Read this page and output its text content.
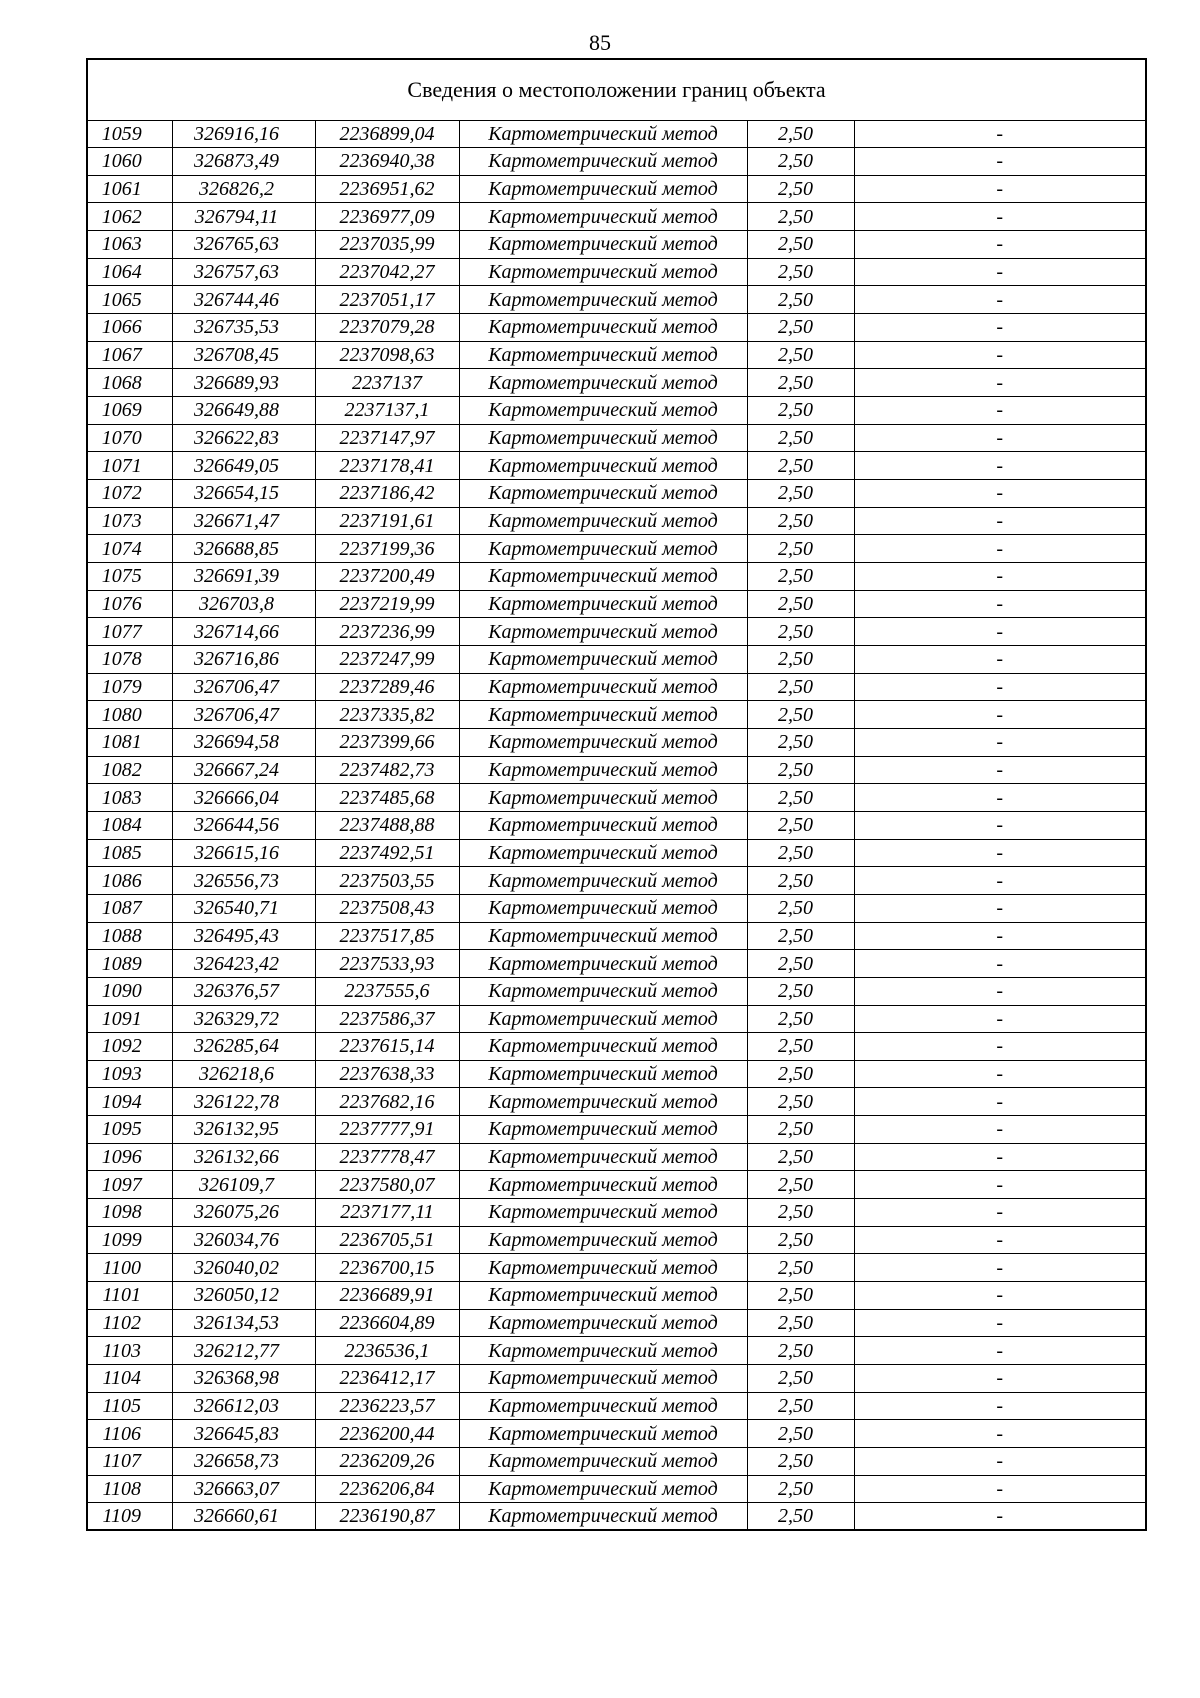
85
Сведения о местоположении границ объекта					
1059	326916,16	2236899,04	Картометрический метод	2,50	-
1060	326873,49	2236940,38	Картометрический метод	2,50	-
1061	326826,2	2236951,62	Картометрический метод	2,50	-
1062	326794,11	2236977,09	Картометрический метод	2,50	-
1063	326765,63	2237035,99	Картометрический метод	2,50	-
1064	326757,63	2237042,27	Картометрический метод	2,50	-
1065	326744,46	2237051,17	Картометрический метод	2,50	-
1066	326735,53	2237079,28	Картометрический метод	2,50	-
1067	326708,45	2237098,63	Картометрический метод	2,50	-
1068	326689,93	2237137	Картометрический метод	2,50	-
1069	326649,88	2237137,1	Картометрический метод	2,50	-
1070	326622,83	2237147,97	Картометрический метод	2,50	-
1071	326649,05	2237178,41	Картометрический метод	2,50	-
1072	326654,15	2237186,42	Картометрический метод	2,50	-
1073	326671,47	2237191,61	Картометрический метод	2,50	-
1074	326688,85	2237199,36	Картометрический метод	2,50	-
1075	326691,39	2237200,49	Картометрический метод	2,50	-
1076	326703,8	2237219,99	Картометрический метод	2,50	-
1077	326714,66	2237236,99	Картометрический метод	2,50	-
1078	326716,86	2237247,99	Картометрический метод	2,50	-
1079	326706,47	2237289,46	Картометрический метод	2,50	-
1080	326706,47	2237335,82	Картометрический метод	2,50	-
1081	326694,58	2237399,66	Картометрический метод	2,50	-
1082	326667,24	2237482,73	Картометрический метод	2,50	-
1083	326666,04	2237485,68	Картометрический метод	2,50	-
1084	326644,56	2237488,88	Картометрический метод	2,50	-
1085	326615,16	2237492,51	Картометрический метод	2,50	-
1086	326556,73	2237503,55	Картометрический метод	2,50	-
1087	326540,71	2237508,43	Картометрический метод	2,50	-
1088	326495,43	2237517,85	Картометрический метод	2,50	-
1089	326423,42	2237533,93	Картометрический метод	2,50	-
1090	326376,57	2237555,6	Картометрический метод	2,50	-
1091	326329,72	2237586,37	Картометрический метод	2,50	-
1092	326285,64	2237615,14	Картометрический метод	2,50	-
1093	326218,6	2237638,33	Картометрический метод	2,50	-
1094	326122,78	2237682,16	Картометрический метод	2,50	-
1095	326132,95	2237777,91	Картометрический метод	2,50	-
1096	326132,66	2237778,47	Картометрический метод	2,50	-
1097	326109,7	2237580,07	Картометрический метод	2,50	-
1098	326075,26	2237177,11	Картометрический метод	2,50	-
1099	326034,76	2236705,51	Картометрический метод	2,50	-
1100	326040,02	2236700,15	Картометрический метод	2,50	-
1101	326050,12	2236689,91	Картометрический метод	2,50	-
1102	326134,53	2236604,89	Картометрический метод	2,50	-
1103	326212,77	2236536,1	Картометрический метод	2,50	-
1104	326368,98	2236412,17	Картометрический метод	2,50	-
1105	326612,03	2236223,57	Картометрический метод	2,50	-
1106	326645,83	2236200,44	Картометрический метод	2,50	-
1107	326658,73	2236209,26	Картометрический метод	2,50	-
1108	326663,07	2236206,84	Картометрический метод	2,50	-
1109	326660,61	2236190,87	Картометрический метод	2,50	-
